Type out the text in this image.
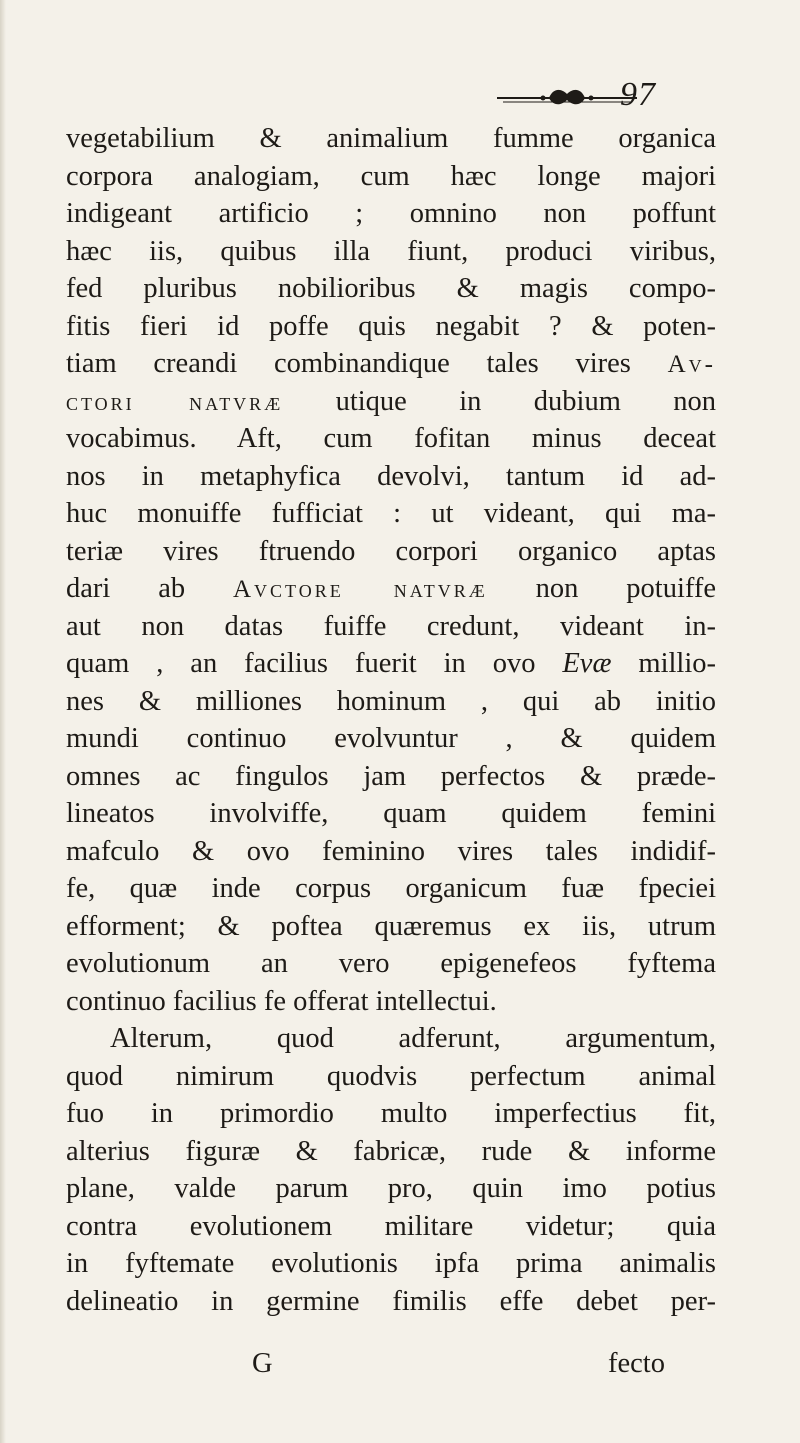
97
vegetabilium & animalium fumme organica
corpora analogiam, cum hæc longe majori
indigeant artificio ; omnino non poffunt
hæc iis, quibus illa fiunt, produci viribus,
fed pluribus nobilioribus & magis compo-
fitis fieri id poffe quis negabit ? & poten-
tiam creandi combinandique tales vires Av-
ctori natvræ utique in dubium non
vocabimus. Aft, cum fofitan minus deceat
nos in metaphyfica devolvi, tantum id ad-
huc monuiffe fufficiat : ut videant, qui ma-
teriæ vires ftruendo corpori organico aptas
dari ab Avctore natvræ non potuiffe
aut non datas fuiffe credunt, videant in-
quam , an facilius fuerit in ovo Evæ millio-
nes & milliones hominum , qui ab initio
mundi continuo evolvuntur , & quidem
omnes ac fingulos jam perfectos & præde-
lineatos involviffe, quam quidem femini
mafculo & ovo feminino vires tales indidif-
fe, quæ inde corpus organicum fuæ fpeciei
efforment; & poftea quæremus ex iis, utrum
evolutionum an vero epigenefeos fyftema
continuo facilius fe offerat intellectui.
Alterum, quod adferunt, argumentum,
quod nimirum quodvis perfectum animal
fuo in primordio multo imperfectius fit,
alterius figuræ & fabricæ, rude & informe
plane, valde parum pro, quin imo potius
contra evolutionem militare videtur; quia
in fyftemate evolutionis ipfa prima animalis
delineatio in germine fimilis effe debet per-
G	fecto
